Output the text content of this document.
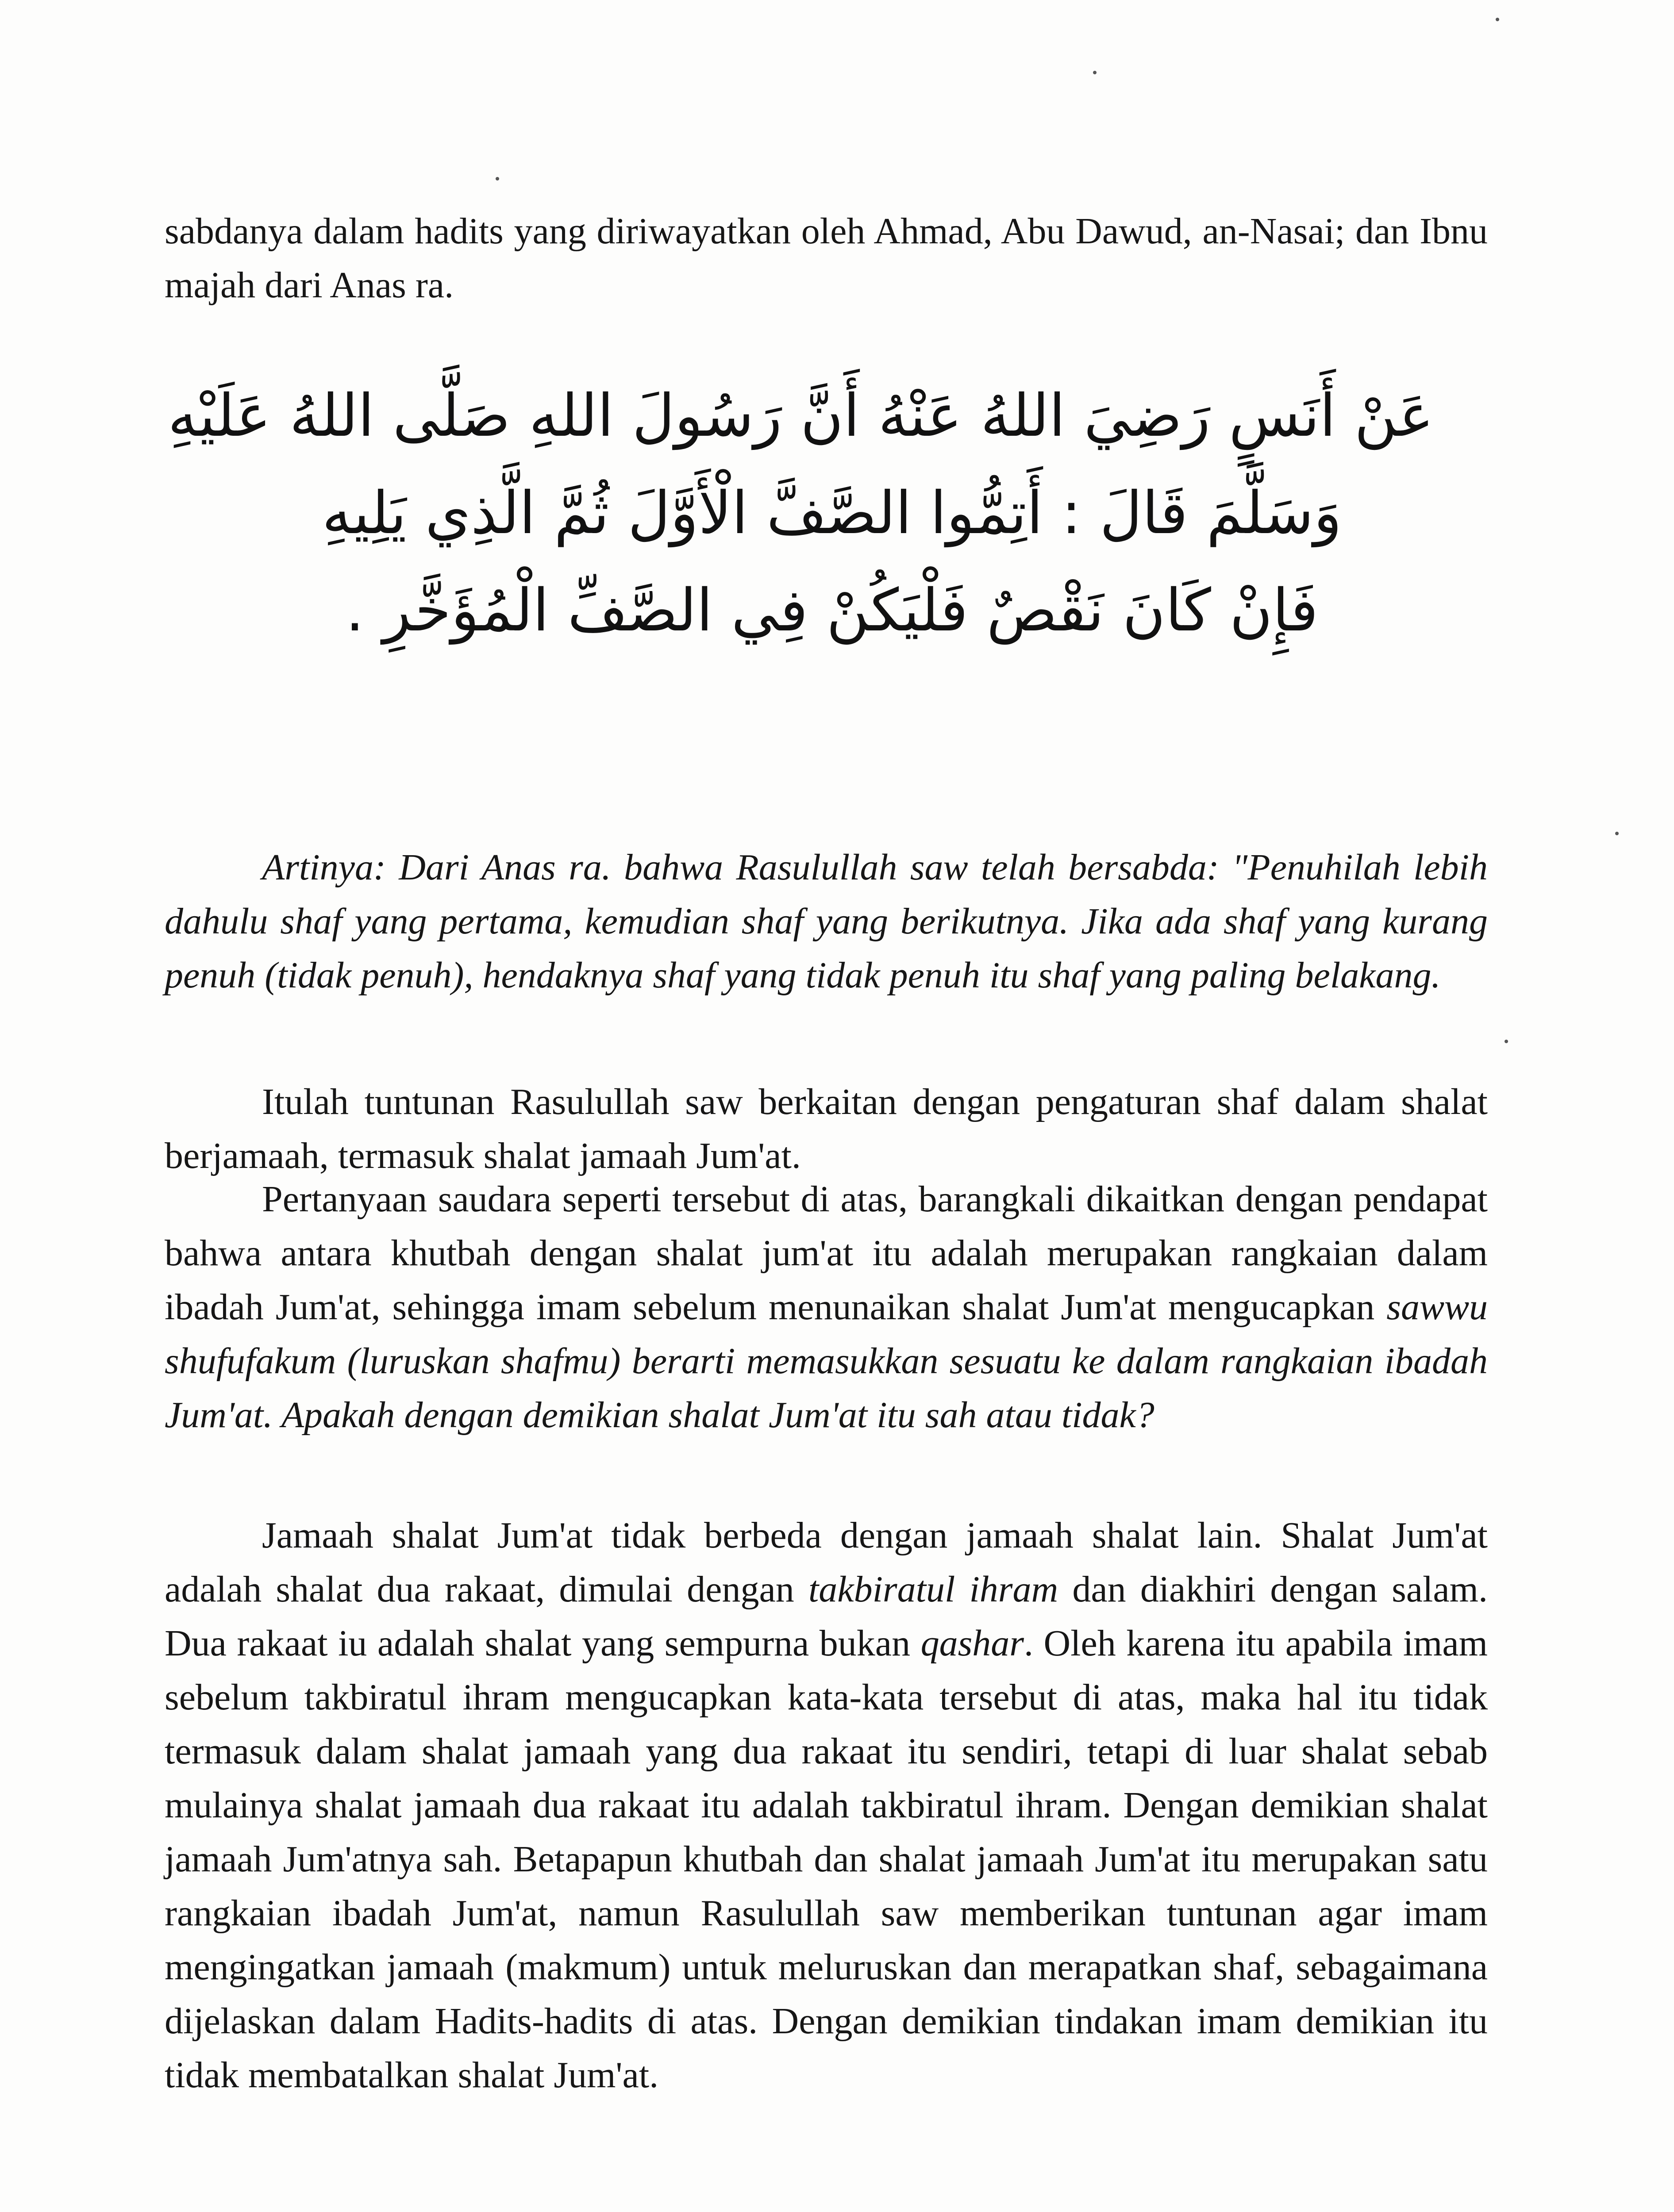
sabdanya dalam hadits yang diriwayatkan oleh Ahmad, Abu Dawud, an-Nasai; dan Ibnu majah dari Anas ra.

عَنْ أَنَسٍ رَضِيَ اللهُ عَنْهُ أَنَّ رَسُولَ اللهِ صَلَّى اللهُ عَلَيْهِ
وَسَلَّمَ قَالَ : أَتِمُّوا الصَّفَّ الْأَوَّلَ ثُمَّ الَّذِي يَلِيهِ
فَإِنْ كَانَ نَقْصٌ فَلْيَكُنْ فِي الصَّفِّ الْمُؤَخَّرِ .

Artinya: Dari Anas ra. bahwa Rasulullah saw telah bersabda: "Penuhilah lebih dahulu shaf yang pertama, kemudian shaf yang berikutnya. Jika ada shaf yang kurang penuh (tidak penuh), hendaknya shaf yang tidak penuh itu shaf yang paling belakang.

Itulah tuntunan Rasulullah saw berkaitan dengan pengaturan shaf dalam shalat berjamaah, termasuk shalat jamaah Jum'at.

Pertanyaan saudara seperti tersebut di atas, barangkali dikaitkan dengan pendapat bahwa antara khutbah dengan shalat jum'at itu adalah merupakan rangkaian dalam ibadah Jum'at, sehingga imam sebelum menunaikan shalat Jum'at mengucapkan sawwu shufufakum (luruskan shafmu) berarti memasukkan sesuatu ke dalam rangkaian ibadah Jum'at. Apakah dengan demikian shalat Jum'at itu sah atau tidak?

Jamaah shalat Jum'at tidak berbeda dengan jamaah shalat lain. Shalat Jum'at adalah shalat dua rakaat, dimulai dengan takbiratul ihram dan diakhiri dengan salam. Dua rakaat iu adalah shalat yang sempurna bukan qashar. Oleh karena itu apabila imam sebelum takbiratul ihram mengucapkan kata-kata tersebut di atas, maka hal itu tidak termasuk dalam shalat jamaah yang dua rakaat itu sendiri, tetapi di luar shalat sebab mulainya shalat jamaah dua rakaat itu adalah takbiratul ihram. Dengan demikian shalat jamaah Jum'atnya sah. Betapapun khutbah dan shalat jamaah Jum'at itu merupakan satu rangkaian ibadah Jum'at, namun Rasulullah saw memberikan tuntunan agar imam mengingatkan jamaah (makmum) untuk meluruskan dan merapatkan shaf, sebagaimana dijelaskan dalam Hadits-hadits di atas. Dengan demikian tindakan imam demikian itu tidak membatalkan shalat Jum'at.
